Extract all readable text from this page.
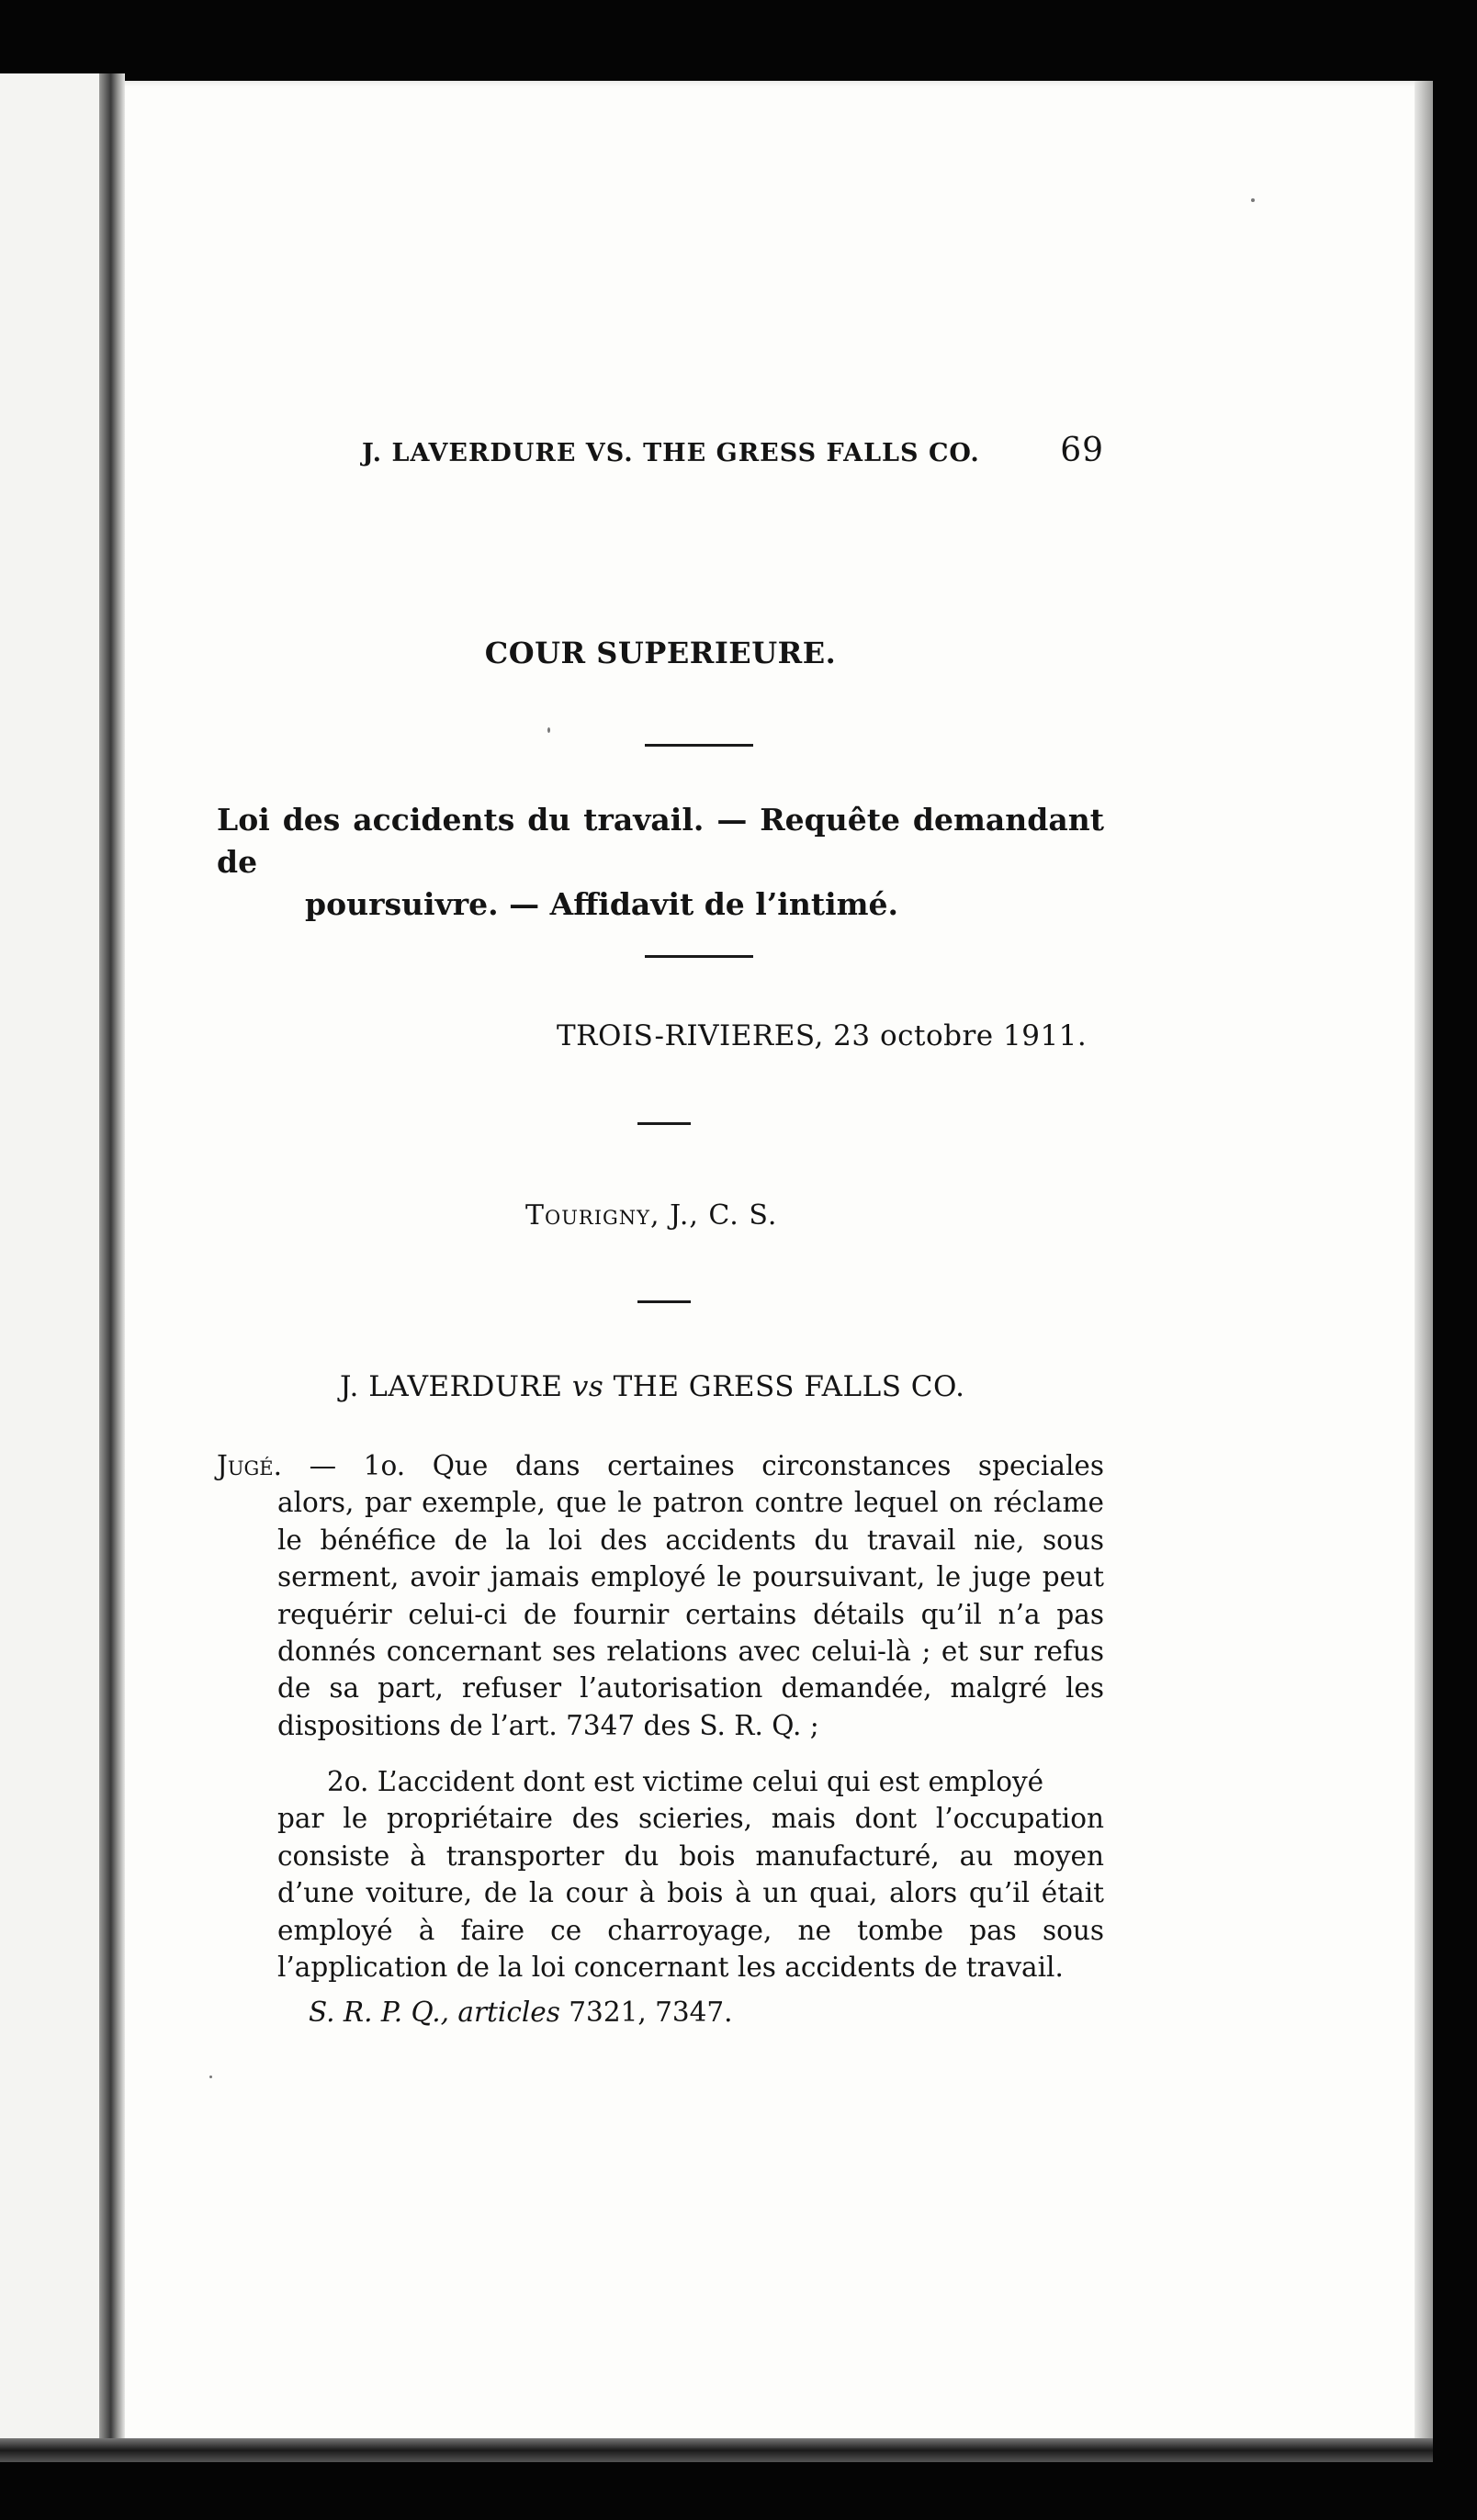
J. LAVERDURE VS. THE GRESS FALLS CO. 69
COUR SUPERIEURE.
Loi des accidents du travail. — Requête demandant de
poursuivre. — Affidavit de l’intimé.
TROIS-RIVIERES, 23 octobre 1911.
Tourigny, J., C. S.
J. LAVERDURE vs THE GRESS FALLS CO.
Jugé. — 1o. Que dans certaines circonstances speciales
alors, par exemple, que le patron contre lequel on réclame le bénéfice de la loi des accidents du travail nie, sous serment, avoir jamais employé le poursuivant, le juge peut requérir celui-ci de fournir certains détails qu’il n’a pas donnés concernant ses relations avec celui-là ; et sur refus de sa part, refuser l’autorisation demandée, malgré les dispositions de l’art. 7347 des S. R. Q. ;
2o. L’accident dont est victime celui qui est employé
par le propriétaire des scieries, mais dont l’occupation consiste à transporter du bois manufacturé, au moyen d’une voiture, de la cour à bois à un quai, alors qu’il était employé à faire ce charroyage, ne tombe pas sous l’application de la loi concernant les accidents de travail.
S. R. P. Q., articles 7321, 7347.
